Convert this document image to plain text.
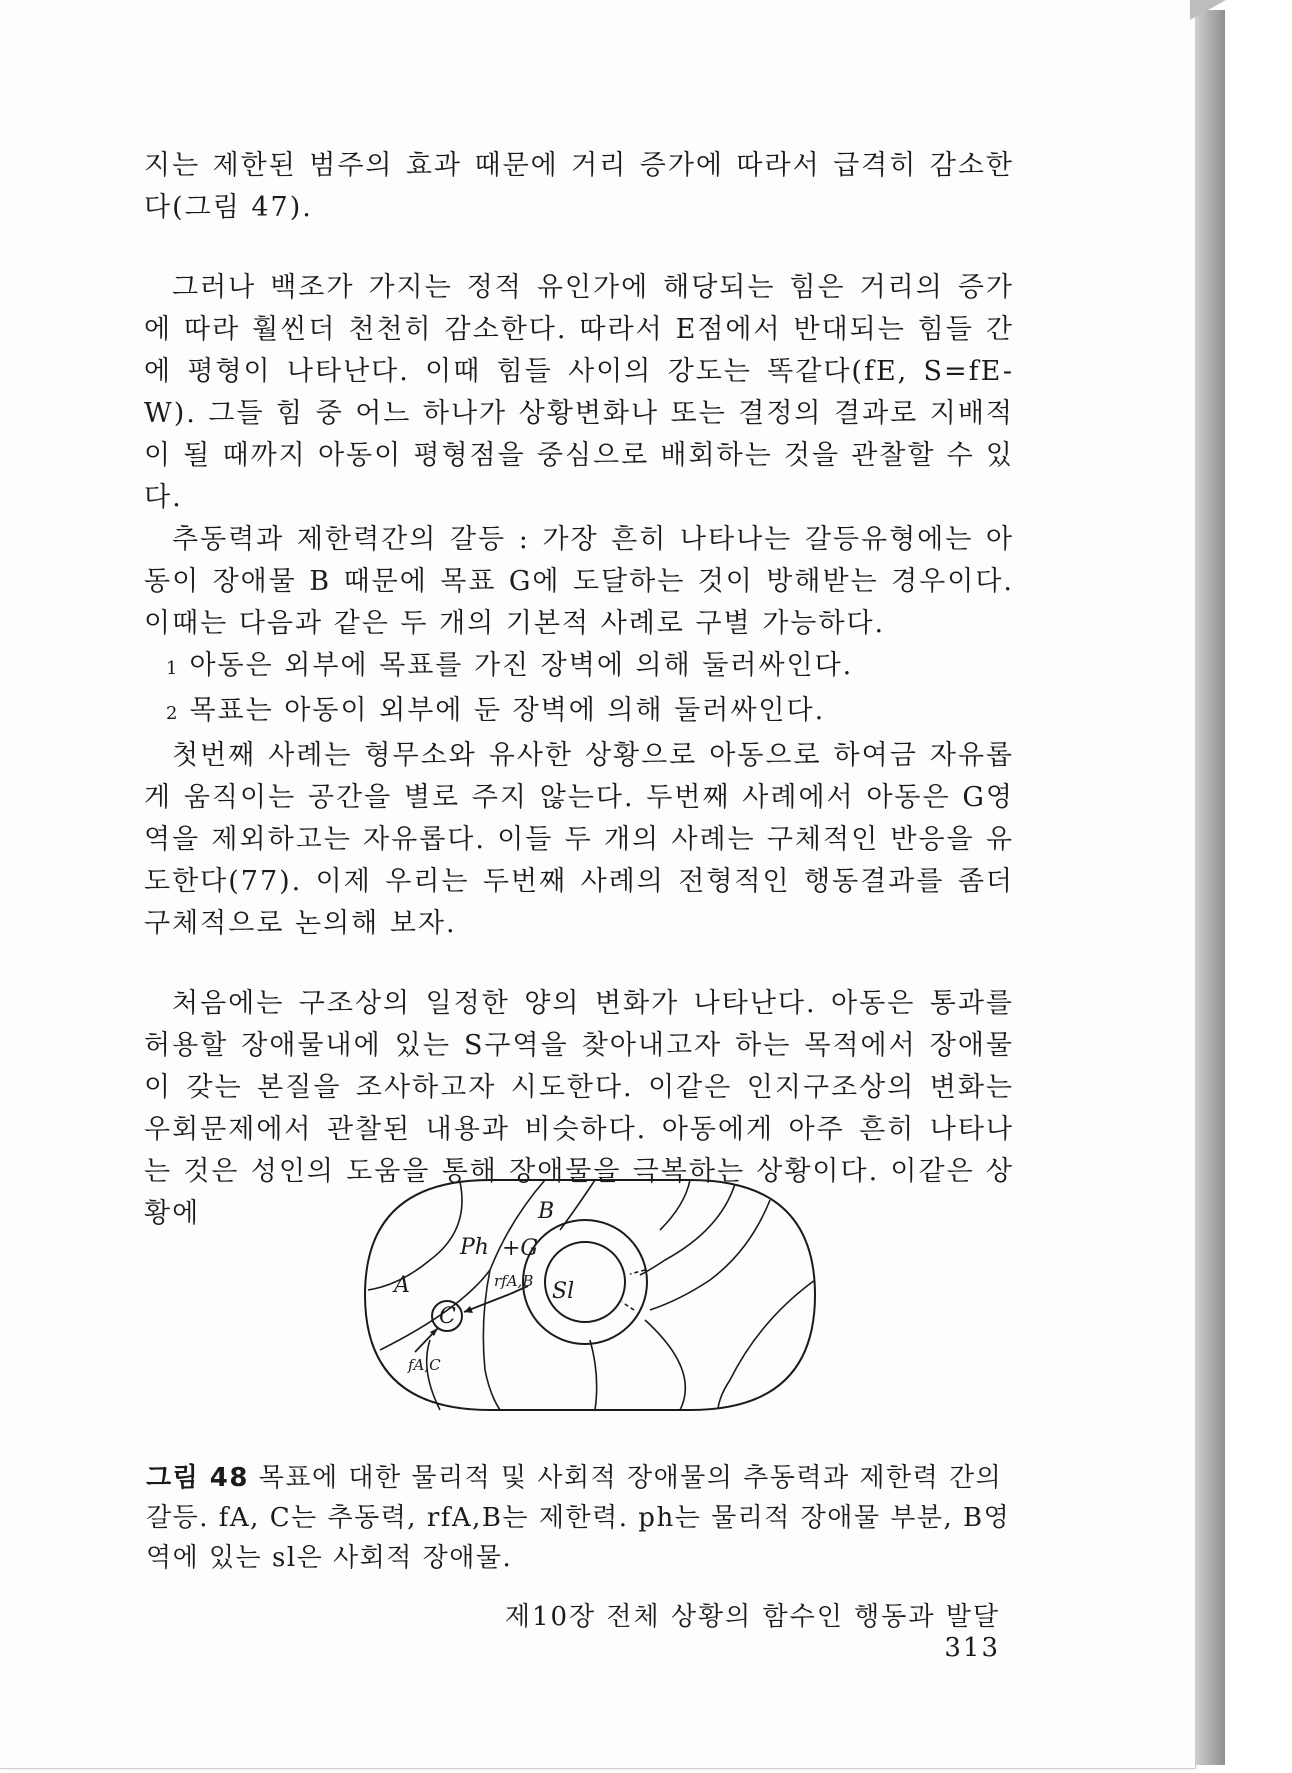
지는 제한된 범주의 효과 때문에 거리 증가에 따라서 급격히 감소한다(그림 47).

그러나 백조가 가지는 정적 유인가에 해당되는 힘은 거리의 증가에 따라 훨씬더 천천히 감소한다. 따라서 E점에서 반대되는 힘들 간에 평형이 나타난다. 이때 힘들 사이의 강도는 똑같다(fE, S=fE-W). 그들 힘 중 어느 하나가 상황변화나 또는 결정의 결과로 지배적이 될 때까지 아동이 평형점을 중심으로 배회하는 것을 관찰할 수 있다.

추동력과 제한력간의 갈등 : 가장 흔히 나타나는 갈등유형에는 아동이 장애물 B 때문에 목표 G에 도달하는 것이 방해받는 경우이다. 이때는 다음과 같은 두 개의 기본적 사례로 구별 가능하다.

1 아동은 외부에 목표를 가진 장벽에 의해 둘러싸인다.

2 목표는 아동이 외부에 둔 장벽에 의해 둘러싸인다.

첫번째 사례는 형무소와 유사한 상황으로 아동으로 하여금 자유롭게 움직이는 공간을 별로 주지 않는다. 두번째 사례에서 아동은 G영역을 제외하고는 자유롭다. 이들 두 개의 사례는 구체적인 반응을 유도한다(77). 이제 우리는 두번째 사례의 전형적인 행동결과를 좀더 구체적으로 논의해 보자.

처음에는 구조상의 일정한 양의 변화가 나타난다. 아동은 통과를 허용할 장애물내에 있는 S구역을 찾아내고자 하는 목적에서 장애물이 갖는 본질을 조사하고자 시도한다. 이같은 인지구조상의 변화는 우회문제에서 관찰된 내용과 비슷하다. 아동에게 아주 흔히 나타나는 것은 성인의 도움을 통해 장애물을 극복하는 상황이다. 이같은 상황에	B
Ph +G
A
C
Sl
fA,C
rfA,B
그림 48 목표에 대한 물리적 및 사회적 장애물의 추동력과 제한력 간의 갈등. fA, C는 추동력, rfA,B는 제한력. ph는 물리적 장애물 부분, B영역에 있는 sl은 사회적 장애물.
제10장 전체 상황의 함수인 행동과 발달313
